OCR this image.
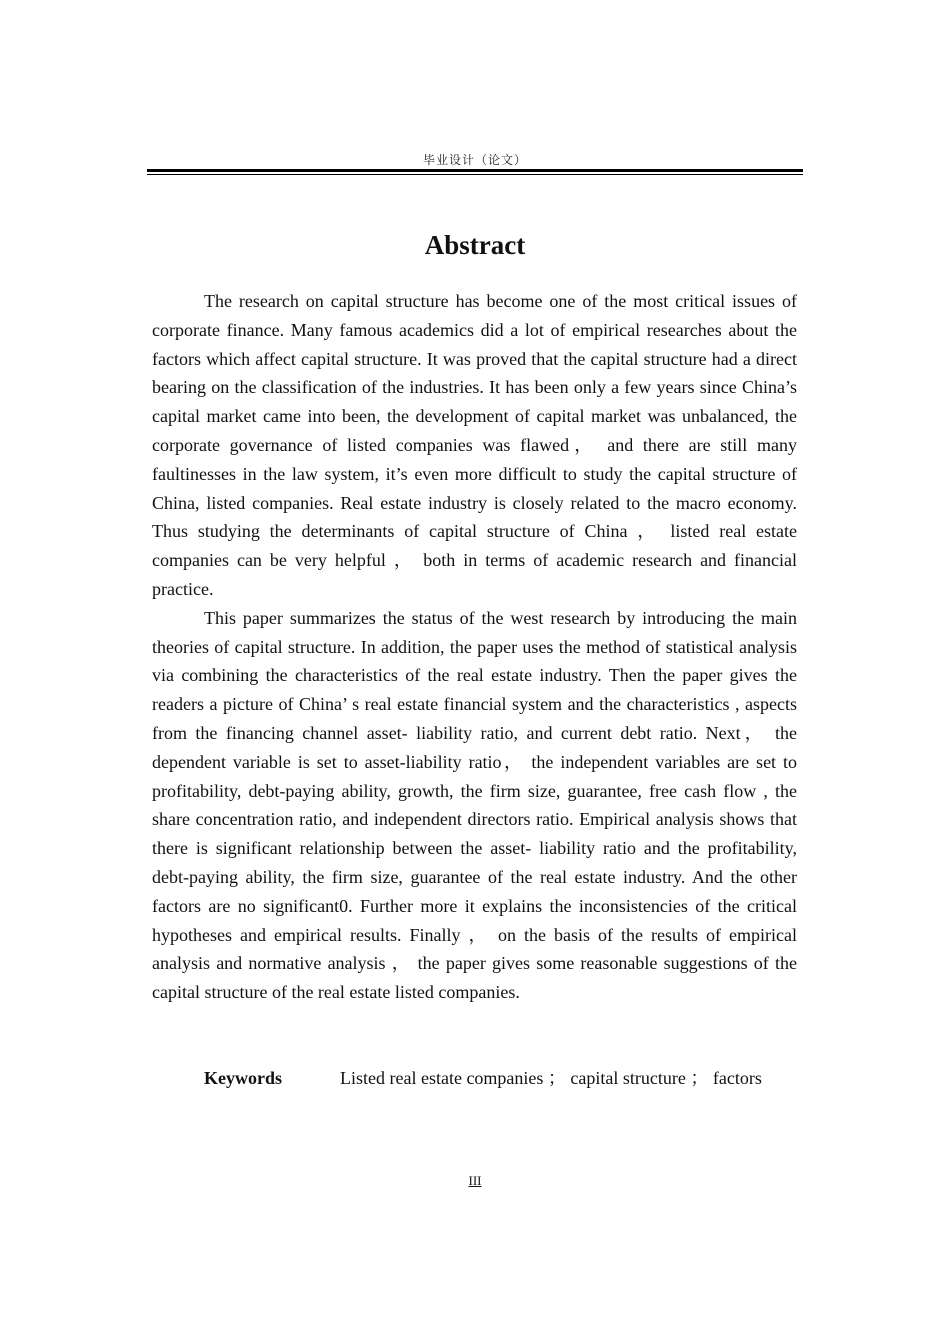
毕业设计（论文）
Abstract

The research on capital structure has become one of the most critical issues of corporate finance. Many famous academics did a lot of empirical researches about the factors which affect capital structure. It was proved that the capital structure had a direct bearing on the classification of the industries. It has been only a few years since China’s capital market came into been, the development of capital market was unbalanced, the corporate governance of listed companies was flawed， and there are still many faultinesses in the law system, it’s even more difficult to study the capital structure of China, listed companies. Real estate industry is closely related to the macro economy. Thus studying the determinants of capital structure of China ， listed real estate companies can be very helpful ， both in terms of academic research and financial practice.

This paper summarizes the status of the west research by introducing the main theories of capital structure. In addition, the paper uses the method of statistical analysis via combining the characteristics of the real estate industry. Then the paper gives the readers a picture of China’ s real estate financial system and the characteristics , aspects from the financing channel asset- liability ratio, and current debt ratio. Next， the dependent variable is set to asset-liability ratio， the independent variables are set to profitability, debt-paying ability, growth, the firm size, guarantee, free cash flow , the share concentration ratio, and independent directors ratio. Empirical analysis shows that there is significant relationship between the asset- liability ratio and the profitability, debt-paying ability, the firm size, guarantee of the real estate industry. And the other factors are no significant0. Further more it explains the inconsistencies of the critical hypotheses and empirical results. Finally ， on the basis of the results of empirical analysis and normative analysis ， the paper gives some reasonable suggestions of the capital structure of the real estate listed companies.

Keywords	Listed real estate companies ； capital structure ； factors

III
